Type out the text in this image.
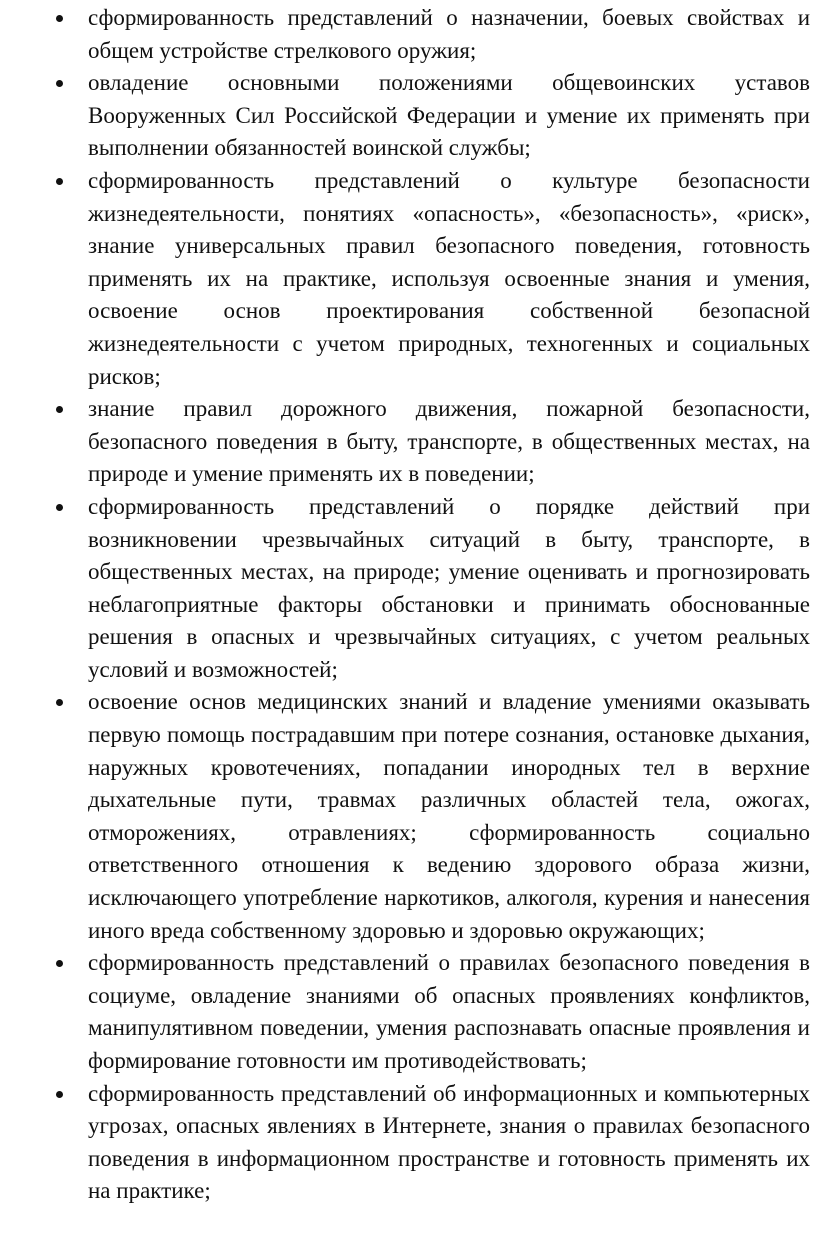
сформированность представлений о назначении, боевых свойствах и общем устройстве стрелкового оружия;
овладение основными положениями общевоинских уставов Вооруженных Сил Российской Федерации и умение их применять при выполнении обязанностей воинской службы;
сформированность представлений о культуре безопасности жизнедеятельности, понятиях «опасность», «безопасность», «риск», знание универсальных правил безопасного поведения, готовность применять их на практике, используя освоенные знания и умения, освоение основ проектирования собственной безопасной жизнедеятельности с учетом природных, техногенных и социальных рисков;
знание правил дорожного движения, пожарной безопасности, безопасного поведения в быту, транспорте, в общественных местах, на природе и умение применять их в поведении;
сформированность представлений о порядке действий при возникновении чрезвычайных ситуаций в быту, транспорте, в общественных местах, на природе; умение оценивать и прогнозировать неблагоприятные факторы обстановки и принимать обоснованные решения в опасных и чрезвычайных ситуациях, с учетом реальных условий и возможностей;
освоение основ медицинских знаний и владение умениями оказывать первую помощь пострадавшим при потере сознания, остановке дыхания, наружных кровотечениях, попадании инородных тел в верхние дыхательные пути, травмах различных областей тела, ожогах, отморожениях, отравлениях; сформированность социально ответственного отношения к ведению здорового образа жизни, исключающего употребление наркотиков, алкоголя, курения и нанесения иного вреда собственному здоровью и здоровью окружающих;
сформированность представлений о правилах безопасного поведения в социуме, овладение знаниями об опасных проявлениях конфликтов, манипулятивном поведении, умения распознавать опасные проявления и формирование готовности им противодействовать;
сформированность представлений об информационных и компьютерных угрозах, опасных явлениях в Интернете, знания о правилах безопасного поведения в информационном пространстве и готовность применять их на практике;
